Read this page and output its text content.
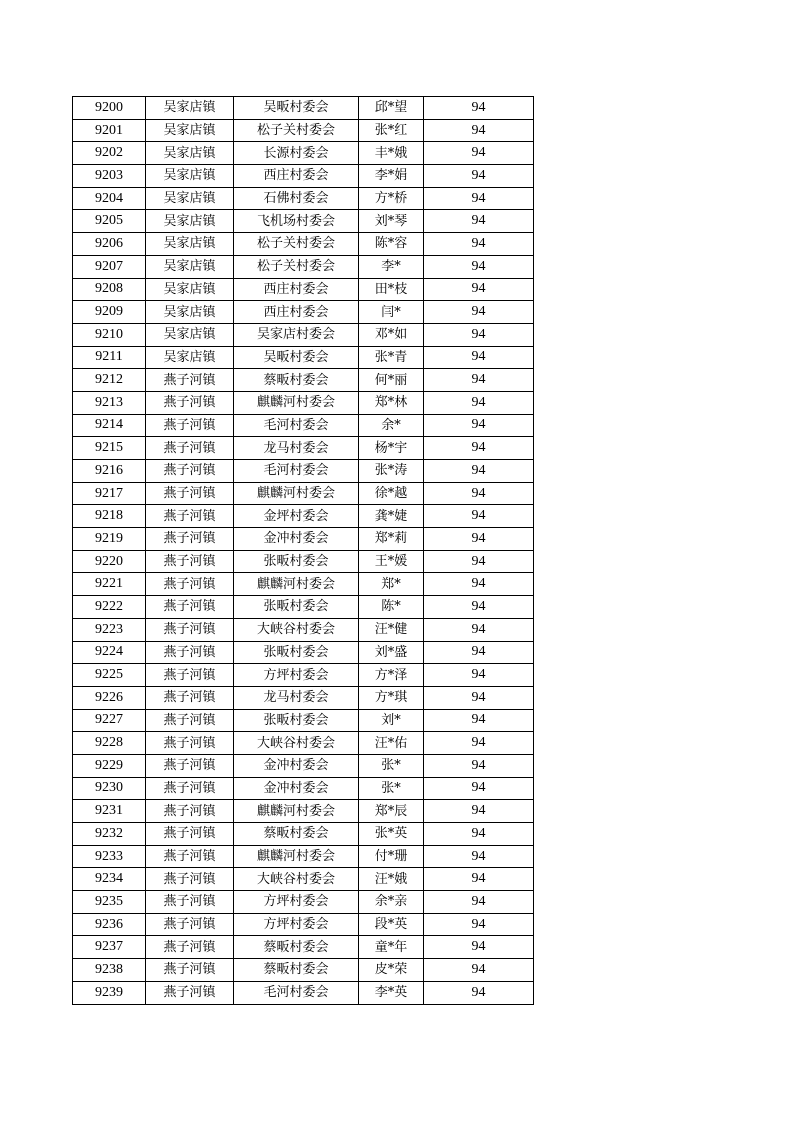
9200	吴家店镇	吴畈村委会	邱*望	94
9201	吴家店镇	松子关村委会	张*红	94
9202	吴家店镇	长源村委会	丰*娥	94
9203	吴家店镇	西庄村委会	李*娟	94
9204	吴家店镇	石佛村委会	方*桥	94
9205	吴家店镇	飞机场村委会	刘*琴	94
9206	吴家店镇	松子关村委会	陈*容	94
9207	吴家店镇	松子关村委会	李*	94
9208	吴家店镇	西庄村委会	田*枝	94
9209	吴家店镇	西庄村委会	闫*	94
9210	吴家店镇	吴家店村委会	邓*如	94
9211	吴家店镇	吴畈村委会	张*青	94
9212	燕子河镇	蔡畈村委会	何*丽	94
9213	燕子河镇	麒麟河村委会	郑*林	94
9214	燕子河镇	毛河村委会	余*	94
9215	燕子河镇	龙马村委会	杨*宇	94
9216	燕子河镇	毛河村委会	张*涛	94
9217	燕子河镇	麒麟河村委会	徐*越	94
9218	燕子河镇	金坪村委会	龚*婕	94
9219	燕子河镇	金冲村委会	郑*莉	94
9220	燕子河镇	张畈村委会	王*媛	94
9221	燕子河镇	麒麟河村委会	郑*	94
9222	燕子河镇	张畈村委会	陈*	94
9223	燕子河镇	大峡谷村委会	汪*健	94
9224	燕子河镇	张畈村委会	刘*盛	94
9225	燕子河镇	方坪村委会	方*泽	94
9226	燕子河镇	龙马村委会	方*琪	94
9227	燕子河镇	张畈村委会	刘*	94
9228	燕子河镇	大峡谷村委会	汪*佑	94
9229	燕子河镇	金冲村委会	张*	94
9230	燕子河镇	金冲村委会	张*	94
9231	燕子河镇	麒麟河村委会	郑*辰	94
9232	燕子河镇	蔡畈村委会	张*英	94
9233	燕子河镇	麒麟河村委会	付*珊	94
9234	燕子河镇	大峡谷村委会	汪*娥	94
9235	燕子河镇	方坪村委会	余*亲	94
9236	燕子河镇	方坪村委会	段*英	94
9237	燕子河镇	蔡畈村委会	童*年	94
9238	燕子河镇	蔡畈村委会	皮*荣	94
9239	燕子河镇	毛河村委会	李*英	94
